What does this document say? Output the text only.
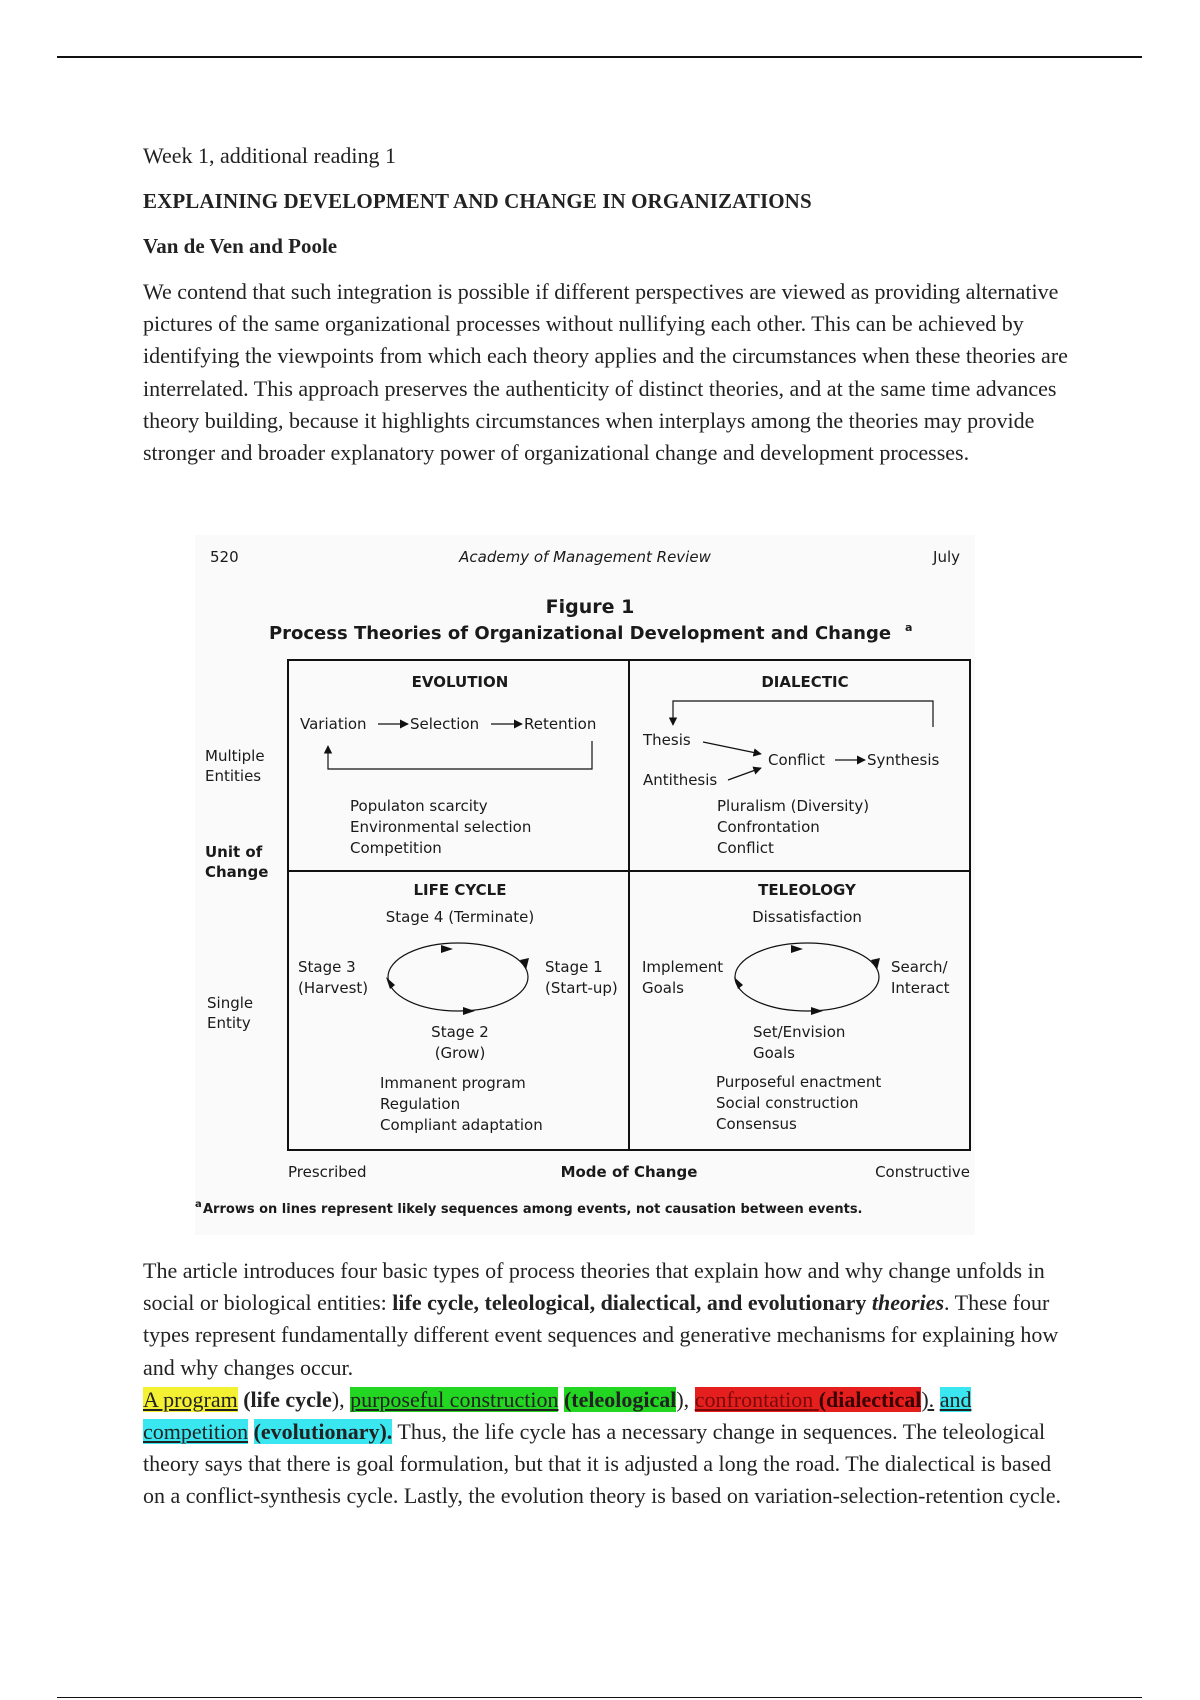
Week 1, additional reading 1

EXPLAINING DEVELOPMENT AND CHANGE IN ORGANIZATIONS

Van de Ven and Poole

We contend that such integration is possible if different perspectives are viewed as providing alternative pictures of the same organizational processes without nullifying each other. This can be achieved by identifying the viewpoints from which each theory applies and the circumstances when these theories are interrelated. This approach preserves the authenticity of distinct theories, and at the same time advances theory building, because it highlights circumstances when interplays among the theories may provide stronger and broader explanatory power of organizational change and development processes.

520	Academy of Management Review	July
Figure 1
Process Theories of Organizational Development and Change a
Multiple
Entities
Unit of
Change
Single
Entity
EVOLUTION
Variation	Selection	Retention
Populaton scarcity
Environmental selection
Competition
DIALECTIC
Thesis
Antithesis
Conflict	Synthesis
Pluralism (Diversity)
Confrontation
Conflict
LIFE CYCLE
Stage 4 (Terminate)
Stage 3
(Harvest)
Stage 1
(Start-up)
Stage 2
(Grow)
Immanent program
Regulation
Compliant adaptation
TELEOLOGY
Dissatisfaction
Implement
Goals
Search/
Interact
Set/Envision
Goals
Purposeful enactment
Social construction
Consensus
Prescribed	Mode of Change	Constructive
a Arrows on lines represent likely sequences among events, not causation between events.

The article introduces four basic types of process theories that explain how and why change unfolds in social or biological entities: life cycle, teleological, dialectical, and evolutionary theories. These four types represent fundamentally different event sequences and generative mechanisms for explaining how and why changes occur.
A program (life cycle), purposeful construction (teleological), confrontation (dialectical). and competition (evolutionary). Thus, the life cycle has a necessary change in sequences. The teleological theory says that there is goal formulation, but that it is adjusted a long the road. The dialectical is based on a conflict-synthesis cycle. Lastly, the evolution theory is based on variation-selection-retention cycle.
